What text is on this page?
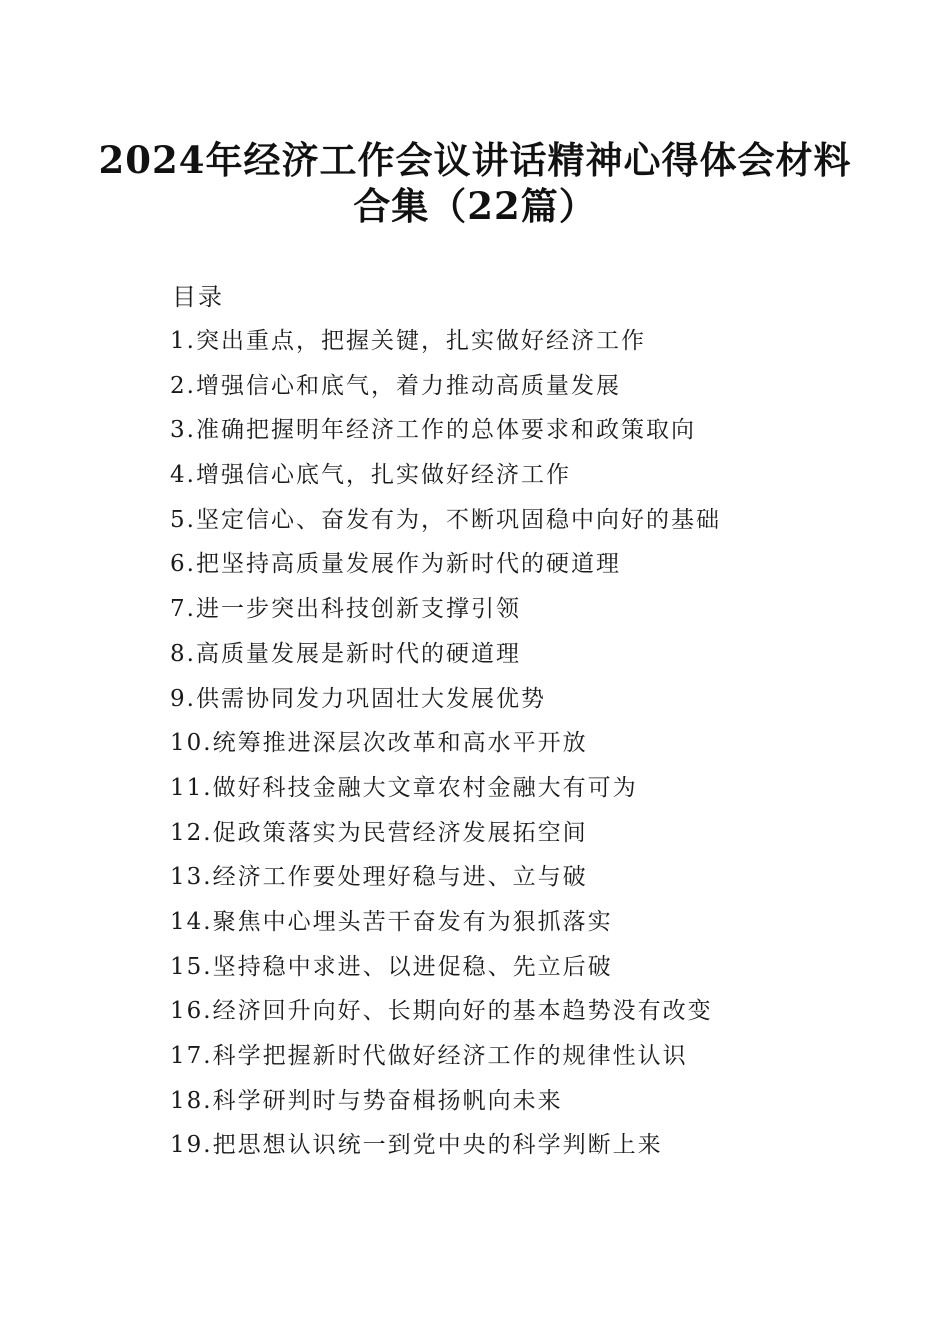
2024年经济工作会议讲话精神心得体会材料
合集（22篇）
目录
1.突出重点，把握关键，扎实做好经济工作
2.增强信心和底气，着力推动高质量发展
3.准确把握明年经济工作的总体要求和政策取向
4.增强信心底气，扎实做好经济工作
5.坚定信心、奋发有为，不断巩固稳中向好的基础
6.把坚持高质量发展作为新时代的硬道理
7.进一步突出科技创新支撑引领
8.高质量发展是新时代的硬道理
9.供需协同发力巩固壮大发展优势
10.统筹推进深层次改革和高水平开放
11.做好科技金融大文章农村金融大有可为
12.促政策落实为民营经济发展拓空间
13.经济工作要处理好稳与进、立与破
14.聚焦中心埋头苦干奋发有为狠抓落实
15.坚持稳中求进、以进促稳、先立后破
16.经济回升向好、长期向好的基本趋势没有改变
17.科学把握新时代做好经济工作的规律性认识
18.科学研判时与势奋楫扬帆向未来
19.把思想认识统一到党中央的科学判断上来
